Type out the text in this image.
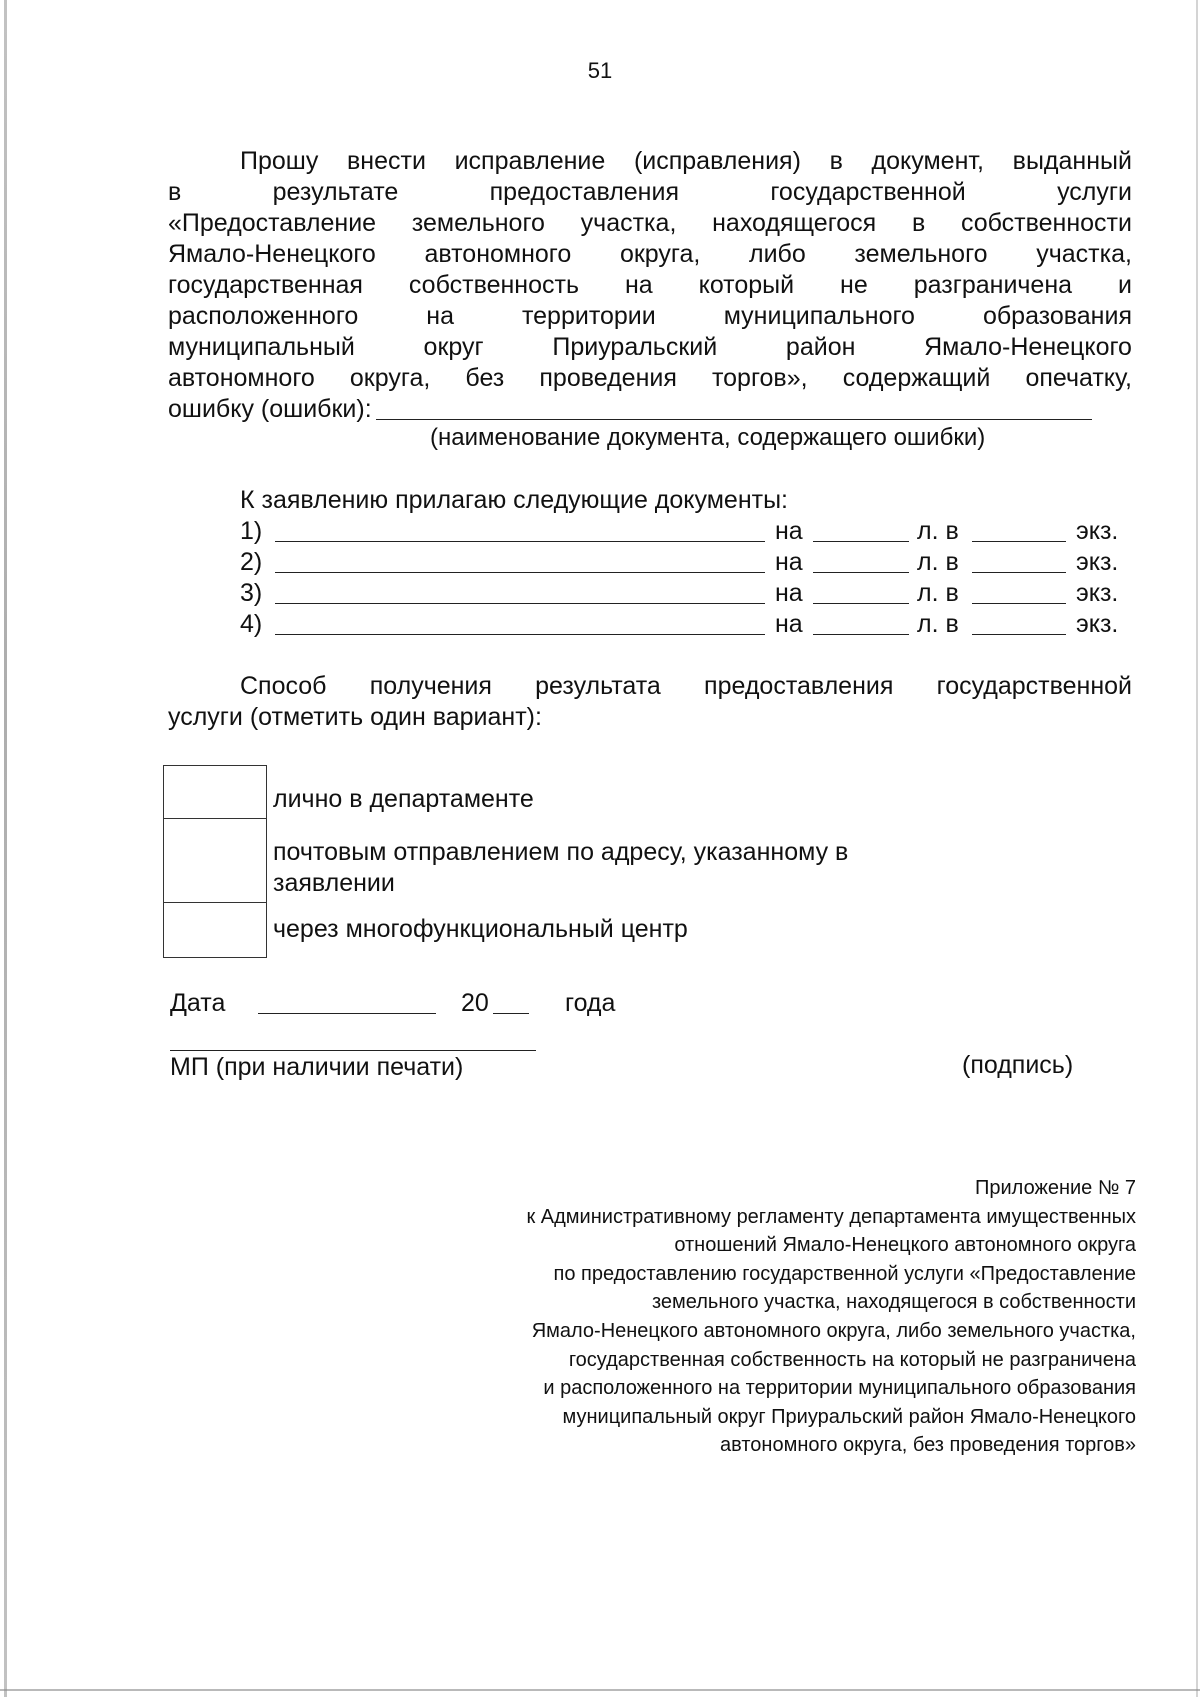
51
Прошу внести исправление (исправления) в документ, выданный
в	результате	предоставления	государственной	услуги
«Предоставление земельного участка, находящегося в собственности
Ямало-Ненецкого автономного округа, либо земельного участка,
государственная собственность на который не разграничена и
расположенного	на	территории	муниципального	образования
муниципальный	округ	Приуральский	район	Ямало-Ненецкого
автономного округа, без проведения торгов», содержащий опечатку,
ошибку (ошибки):
(наименование документа, содержащего ошибки)
К заявлению прилагаю следующие документы:
1)	на	л. в	экз.
2)	на	л. в	экз.
3)	на	л. в	экз.
4)	на	л. в	экз.
Способ получения результата предоставления государственной
услуги (отметить один вариант):
лично в департаменте
почтовым отправлением по адресу, указанному в заявлении
через многофункциональный центр
Дата	20	года
МП (при наличии печати)	(подпись)
Приложение № 7
к Административному регламенту департамента имущественных
отношений Ямало-Ненецкого автономного округа
по предоставлению государственной услуги «Предоставление
земельного участка, находящегося в собственности
Ямало-Ненецкого автономного округа, либо земельного участка,
государственная собственность на который не разграничена
и расположенного на территории муниципального образования
муниципальный округ Приуральский район Ямало-Ненецкого
автономного округа, без проведения торгов»
